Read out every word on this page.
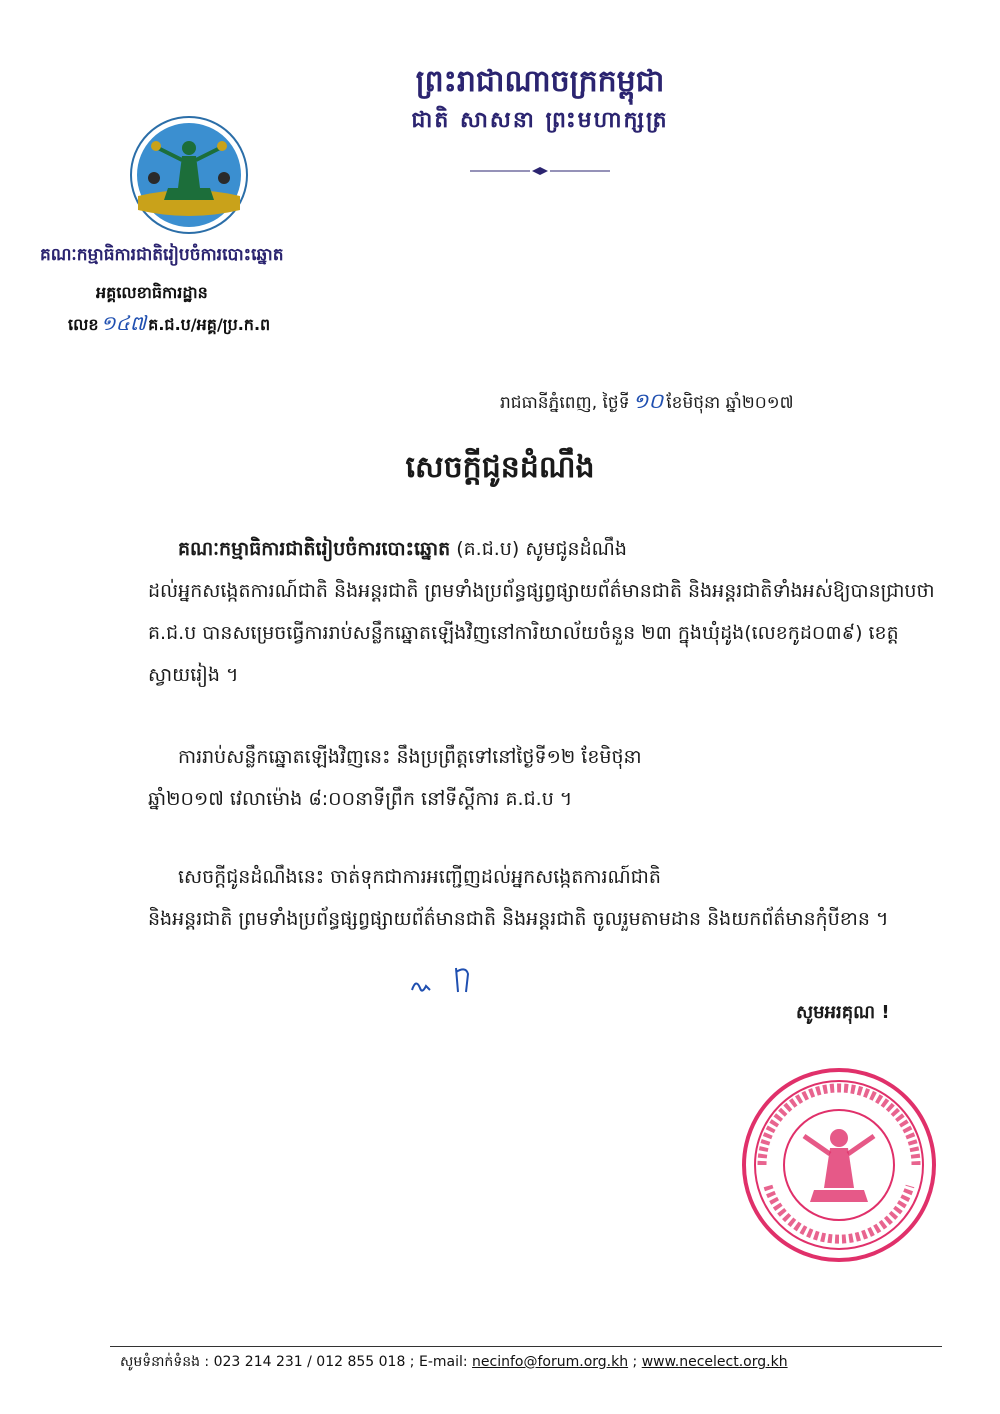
ព្រះរាជាណាចក្រកម្ពុជា
ជាតិ សាសនា ព្រះមហាក្សត្រ
គណៈកម្មាធិការជាតិរៀបចំការបោះឆ្នោត
អគ្គលេខាធិការដ្ឋាន
លេខ ១៤៧ គ.ជ.ប/អគ្គ/ប្រ.ក.ព
រាជធានីភ្នំពេញ, ថ្ងៃទី ១០ ខែមិថុនា ឆ្នាំ២០១៧
សេចក្ដីជូនដំណឹង
គណៈកម្មាធិការជាតិរៀបចំការបោះឆ្នោត (គ.ជ.ប) សូមជូនដំណឹង

ដល់អ្នកសង្កេតការណ៍ជាតិ និងអន្តរជាតិ ព្រមទាំងប្រព័ន្ធផ្សព្វផ្សាយព័ត៌មានជាតិ និងអន្តរជាតិទាំងអស់ឱ្យបានជ្រាបថា គ.ជ.ប បានសម្រេចធ្វើការរាប់សន្លឹកឆ្នោតឡើងវិញនៅការិយាល័យចំនួន ២៣ ក្នុងឃុំដូង(លេខកូដ០៣៩) ខេត្តស្វាយរៀង ។
ការរាប់សន្លឹកឆ្នោតឡើងវិញនេះ នឹងប្រព្រឹត្តទៅនៅថ្ងៃទី១២ ខែមិថុនា

ឆ្នាំ២០១៧ វេលាម៉ោង ៨:០០នាទីព្រឹក នៅទីស្ដីការ គ.ជ.ប ។
សេចក្ដីជូនដំណឹងនេះ ចាត់ទុកជាការអញ្ជើញដល់អ្នកសង្កេតការណ៍ជាតិ

និងអន្តរជាតិ ព្រមទាំងប្រព័ន្ធផ្សព្វផ្សាយព័ត៌មានជាតិ និងអន្តរជាតិ ចូលរួមតាមដាន និងយកព័ត៌មានកុំបីខាន ។
សូមអរគុណ !
សូមទំនាក់ទំនង : 023 214 231 / 012 855 018 ; E-mail: necinfo@forum.org.kh ; www.necelect.org.kh
